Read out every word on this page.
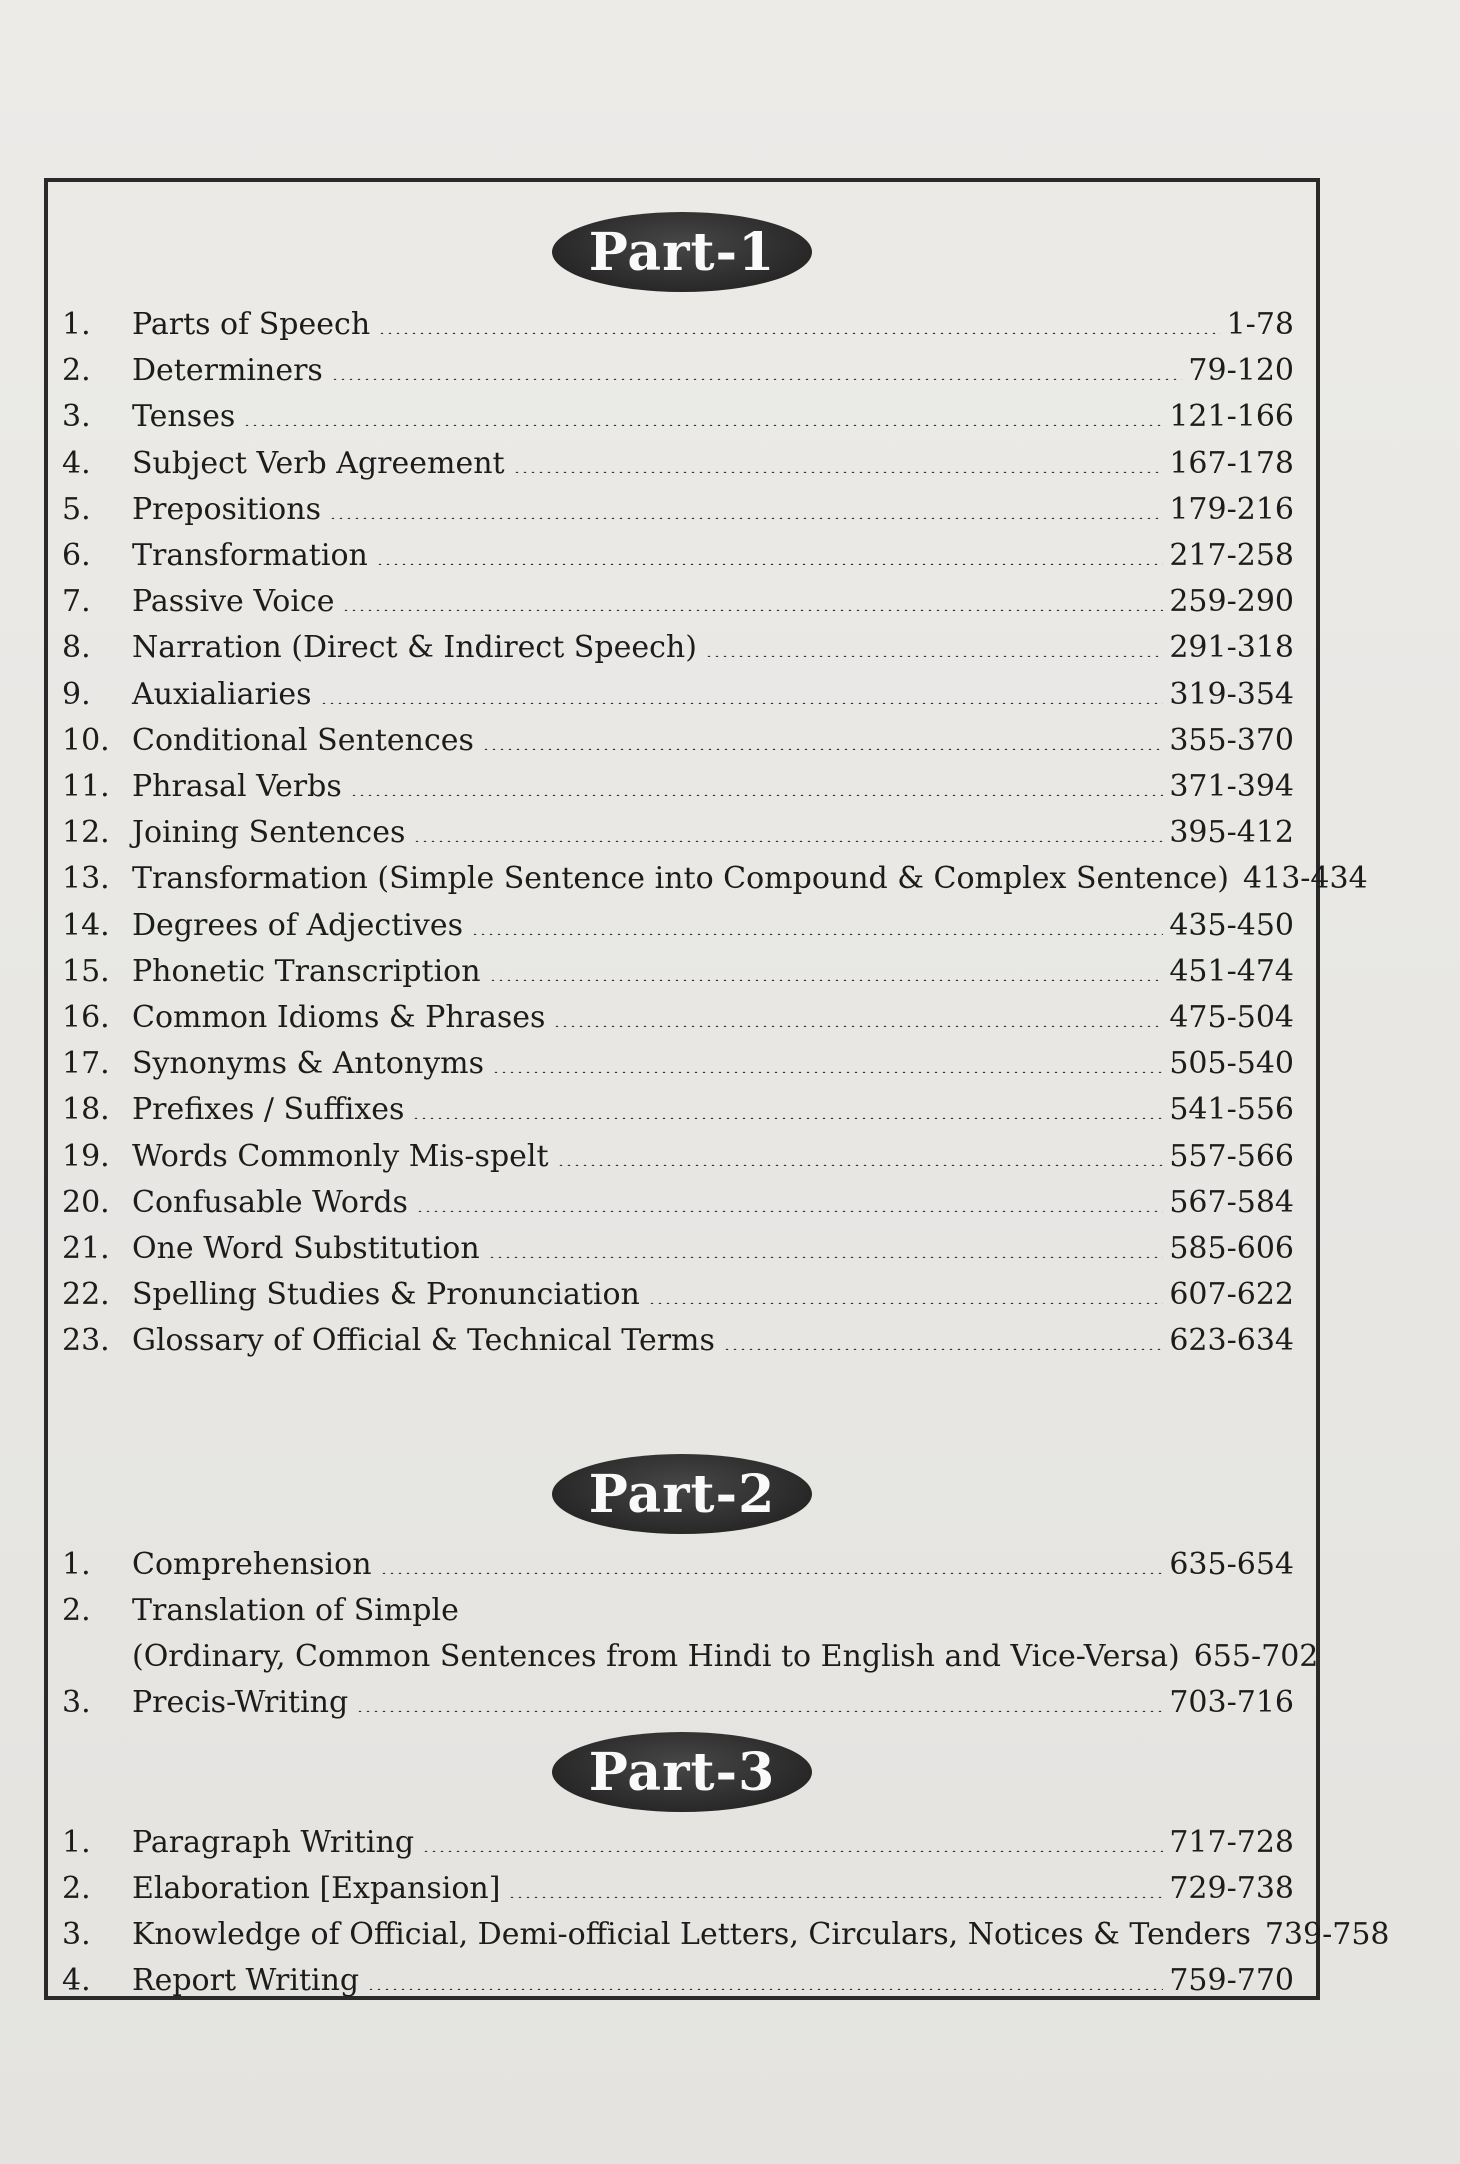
Part-1
1.	Parts of Speech	1-78
2.	Determiners	79-120
3.	Tenses	121-166
4.	Subject Verb Agreement	167-178
5.	Prepositions	179-216
6.	Transformation	217-258
7.	Passive Voice	259-290
8.	Narration (Direct & Indirect Speech)	291-318
9.	Auxialiaries	319-354
10. Conditional Sentences	355-370
11. Phrasal Verbs	371-394
12. Joining Sentences	395-412
13. Transformation (Simple Sentence into Compound & Complex Sentence) 413-434
14. Degrees of Adjectives	435-450
15. Phonetic Transcription	451-474
16. Common Idioms & Phrases	475-504
17. Synonyms & Antonyms	505-540
18. Prefixes / Suffixes	541-556
19. Words Commonly Mis-spelt	557-566
20. Confusable Words	567-584
21. One Word Substitution	585-606
22. Spelling Studies & Pronunciation	607-622
23. Glossary of Official & Technical Terms	623-634
Part-2
1.	Comprehension	635-654
2.	Translation of Simple
(Ordinary, Common Sentences from Hindi to English and Vice-Versa) 655-702
3.	Precis-Writing	703-716
Part-3
1.	Paragraph Writing	717-728
2.	Elaboration [Expansion]	729-738
3.	Knowledge of Official, Demi-official Letters, Circulars, Notices & Tenders 739-758
4.	Report Writing	759-770
